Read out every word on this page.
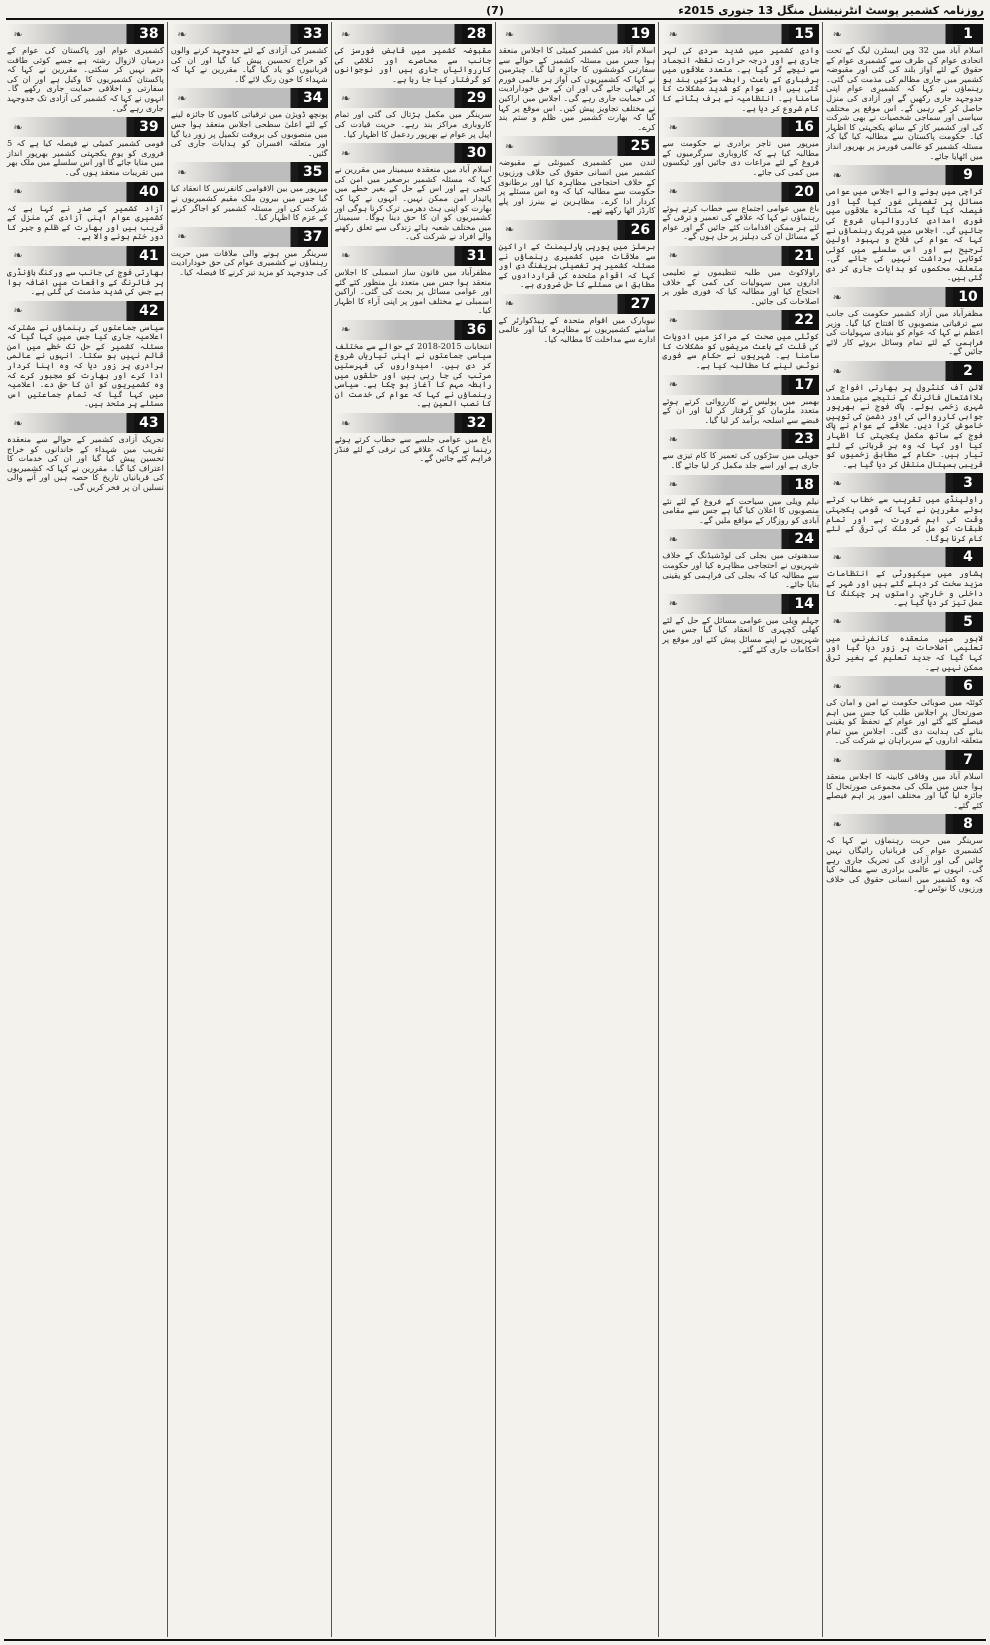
(7)	روزنامہ کشمیر پوسٹ انٹرنیشنل منگل 13 جنوری 2015ء
❧	1
اسلام آباد میں 32 ویں ایسٹرن لیگ کے تحت اتحادی عوام کی طرف سے کشمیری عوام کے حقوق کے لئے آواز بلند کی گئی اور مقبوضہ کشمیر میں جاری مظالم کی مذمت کی گئی۔ رہنماؤں نے کہا کہ کشمیری عوام اپنی جدوجہد جاری رکھیں گے اور آزادی کی منزل حاصل کر کے رہیں گے۔ اس موقع پر مختلف سیاسی اور سماجی شخصیات نے بھی شرکت کی اور کشمیر کاز کے ساتھ یکجہتی کا اظہار کیا۔ حکومت پاکستان سے مطالبہ کیا گیا کہ مسئلہ کشمیر کو عالمی فورمز پر بھرپور انداز میں اٹھایا جائے۔
❧	9
کراچی میں ہونے والے اجلاس میں عوامی مسائل پر تفصیلی غور کیا گیا اور فیصلہ کیا گیا کہ متاثرہ علاقوں میں فوری امدادی کارروائیاں شروع کی جائیں گی۔ اجلاس میں شریک رہنماؤں نے کہا کہ عوام کی فلاح و بہبود اولین ترجیح ہے اور اس سلسلے میں کوئی کوتاہی برداشت نہیں کی جائے گی۔ متعلقہ محکموں کو ہدایات جاری کر دی گئی ہیں۔
❧	10
مظفرآباد میں آزاد کشمیر حکومت کی جانب سے ترقیاتی منصوبوں کا افتتاح کیا گیا۔ وزیر اعظم نے کہا کہ عوام کو بنیادی سہولیات کی فراہمی کے لئے تمام وسائل بروئے کار لائے جائیں گے۔
❧	2
لائن آف کنٹرول پر بھارتی افواج کی بلااشتعال فائرنگ کے نتیجے میں متعدد شہری زخمی ہوئے۔ پاک فوج نے بھرپور جوابی کارروائی کی اور دشمن کی توپیں خاموش کرا دیں۔ علاقے کے عوام نے پاک فوج کے ساتھ مکمل یکجہتی کا اظہار کیا اور کہا کہ وہ ہر قربانی کے لئے تیار ہیں۔ حکام کے مطابق زخمیوں کو قریبی ہسپتال منتقل کر دیا گیا ہے۔
❧	3
راولپنڈی میں تقریب سے خطاب کرتے ہوئے مقررین نے کہا کہ قومی یکجہتی وقت کی اہم ضرورت ہے اور تمام طبقات کو مل کر ملک کی ترقی کے لئے کام کرنا ہوگا۔
❧	4
پشاور میں سیکیورٹی کے انتظامات مزید سخت کر دیئے گئے ہیں اور شہر کے داخلی و خارجی راستوں پر چیکنگ کا عمل تیز کر دیا گیا ہے۔
❧	5
لاہور میں منعقدہ کانفرنس میں تعلیمی اصلاحات پر زور دیا گیا اور کہا گیا کہ جدید تعلیم کے بغیر ترقی ممکن نہیں ہے۔
❧	6
کوئٹہ میں صوبائی حکومت نے امن و امان کی صورتحال پر اجلاس طلب کیا جس میں اہم فیصلے کئے گئے اور عوام کے تحفظ کو یقینی بنانے کی ہدایت دی گئی۔ اجلاس میں تمام متعلقہ اداروں کے سربراہان نے شرکت کی۔
❧	7
اسلام آباد میں وفاقی کابینہ کا اجلاس منعقد ہوا جس میں ملک کی مجموعی صورتحال کا جائزہ لیا گیا اور مختلف امور پر اہم فیصلے کئے گئے۔
❧	8
سرینگر میں حریت رہنماؤں نے کہا کہ کشمیری عوام کی قربانیاں رائیگاں نہیں جائیں گی اور آزادی کی تحریک جاری رہے گی۔ انہوں نے عالمی برادری سے مطالبہ کیا کہ وہ کشمیر میں انسانی حقوق کی خلاف ورزیوں کا نوٹس لے۔
❧	15
وادی کشمیر میں شدید سردی کی لہر جاری ہے اور درجہ حرارت نقطہ انجماد سے نیچے گر گیا ہے۔ متعدد علاقوں میں برفباری کے باعث رابطہ سڑکیں بند ہو گئی ہیں اور عوام کو شدید مشکلات کا سامنا ہے۔ انتظامیہ نے برف ہٹانے کا کام شروع کر دیا ہے۔
❧	16
میرپور میں تاجر برادری نے حکومت سے مطالبہ کیا ہے کہ کاروباری سرگرمیوں کے فروغ کے لئے مراعات دی جائیں اور ٹیکسوں میں کمی کی جائے۔
❧	20
باغ میں عوامی اجتماع سے خطاب کرتے ہوئے رہنماؤں نے کہا کہ علاقے کی تعمیر و ترقی کے لئے ہر ممکن اقدامات کئے جائیں گے اور عوام کے مسائل ان کی دہلیز پر حل ہوں گے۔
❧	21
راولاکوٹ میں طلبہ تنظیموں نے تعلیمی اداروں میں سہولیات کی کمی کے خلاف احتجاج کیا اور مطالبہ کیا کہ فوری طور پر اصلاحات کی جائیں۔
❧	22
کوٹلی میں صحت کے مراکز میں ادویات کی قلت کے باعث مریضوں کو مشکلات کا سامنا ہے۔ شہریوں نے حکام سے فوری نوٹس لینے کا مطالبہ کیا ہے۔
❧	17
بھمبر میں پولیس نے کارروائی کرتے ہوئے متعدد ملزمان کو گرفتار کر لیا اور ان کے قبضے سے اسلحہ برآمد کر لیا گیا۔
❧	23
حویلی میں سڑکوں کی تعمیر کا کام تیزی سے جاری ہے اور اسے جلد مکمل کر لیا جائے گا۔
❧	18
نیلم ویلی میں سیاحت کے فروغ کے لئے نئے منصوبوں کا اعلان کیا گیا ہے جس سے مقامی آبادی کو روزگار کے مواقع ملیں گے۔
❧	24
سدھنوتی میں بجلی کی لوڈشیڈنگ کے خلاف شہریوں نے احتجاجی مظاہرہ کیا اور حکومت سے مطالبہ کیا کہ بجلی کی فراہمی کو یقینی بنایا جائے۔
❧	14
جہلم ویلی میں عوامی مسائل کے حل کے لئے کھلی کچہری کا انعقاد کیا گیا جس میں شہریوں نے اپنے مسائل پیش کئے اور موقع پر احکامات جاری کئے گئے۔
❧	19
اسلام آباد میں کشمیر کمیٹی کا اجلاس منعقد ہوا جس میں مسئلہ کشمیر کے حوالے سے سفارتی کوششوں کا جائزہ لیا گیا۔ چیئرمین نے کہا کہ کشمیریوں کی آواز ہر عالمی فورم پر اٹھائی جائے گی اور ان کے حق خودارادیت کی حمایت جاری رہے گی۔ اجلاس میں اراکین نے مختلف تجاویز پیش کیں۔ اس موقع پر کہا گیا کہ بھارت کشمیر میں ظلم و ستم بند کرے۔
❧	25
لندن میں کشمیری کمیونٹی نے مقبوضہ کشمیر میں انسانی حقوق کی خلاف ورزیوں کے خلاف احتجاجی مظاہرہ کیا اور برطانوی حکومت سے مطالبہ کیا کہ وہ اس مسئلے پر کردار ادا کرے۔ مظاہرین نے بینرز اور پلے کارڈز اٹھا رکھے تھے۔
❧	26
برسلز میں یورپی پارلیمنٹ کے اراکین سے ملاقات میں کشمیری رہنماؤں نے مسئلہ کشمیر پر تفصیلی بریفنگ دی اور کہا کہ اقوام متحدہ کی قراردادوں کے مطابق اس مسئلے کا حل ضروری ہے۔
❧	27
نیویارک میں اقوام متحدہ کے ہیڈکوارٹر کے سامنے کشمیریوں نے مظاہرہ کیا اور عالمی ادارے سے مداخلت کا مطالبہ کیا۔
❧	28
مقبوضہ کشمیر میں قابض فورسز کی جانب سے محاصرے اور تلاشی کی کارروائیاں جاری ہیں اور نوجوانوں کو گرفتار کیا جا رہا ہے۔
❧	29
سرینگر میں مکمل ہڑتال کی گئی اور تمام کاروباری مراکز بند رہے۔ حریت قیادت کی اپیل پر عوام نے بھرپور ردعمل کا اظہار کیا۔
❧	30
اسلام آباد میں منعقدہ سیمینار میں مقررین نے کہا کہ مسئلہ کشمیر برصغیر میں امن کی کنجی ہے اور اس کے حل کے بغیر خطے میں پائیدار امن ممکن نہیں۔ انہوں نے کہا کہ بھارت کو اپنی ہٹ دھرمی ترک کرنا ہوگی اور کشمیریوں کو ان کا حق دینا ہوگا۔ سیمینار میں مختلف شعبہ ہائے زندگی سے تعلق رکھنے والے افراد نے شرکت کی۔
❧	31
مظفرآباد میں قانون ساز اسمبلی کا اجلاس منعقد ہوا جس میں متعدد بل منظور کئے گئے اور عوامی مسائل پر بحث کی گئی۔ اراکین اسمبلی نے مختلف امور پر اپنی آراء کا اظہار کیا۔
❧	36
انتخابات 2015-2018 کے حوالے سے مختلف سیاسی جماعتوں نے اپنی تیاریاں شروع کر دی ہیں۔ امیدواروں کی فہرستیں مرتب کی جا رہی ہیں اور حلقوں میں رابطہ مہم کا آغاز ہو چکا ہے۔ سیاسی رہنماؤں نے کہا کہ عوام کی خدمت ان کا نصب العین ہے۔
❧	32
باغ میں عوامی جلسے سے خطاب کرتے ہوئے رہنما نے کہا کہ علاقے کی ترقی کے لئے فنڈز فراہم کئے جائیں گے۔
❧	33
کشمیر کی آزادی کے لئے جدوجہد کرنے والوں کو خراج تحسین پیش کیا گیا اور ان کی قربانیوں کو یاد کیا گیا۔ مقررین نے کہا کہ شہداء کا خون رنگ لائے گا۔
❧	34
پونچھ ڈویژن میں ترقیاتی کاموں کا جائزہ لینے کے لئے اعلیٰ سطحی اجلاس منعقد ہوا جس میں منصوبوں کی بروقت تکمیل پر زور دیا گیا اور متعلقہ افسران کو ہدایات جاری کی گئیں۔
❧	35
میرپور میں بین الاقوامی کانفرنس کا انعقاد کیا گیا جس میں بیرون ملک مقیم کشمیریوں نے شرکت کی اور مسئلہ کشمیر کو اجاگر کرنے کے عزم کا اظہار کیا۔
❧	37
سرینگر میں ہونے والی ملاقات میں حریت رہنماؤں نے کشمیری عوام کی حق خودارادیت کی جدوجہد کو مزید تیز کرنے کا فیصلہ کیا۔
❧	38
کشمیری عوام اور پاکستان کی عوام کے درمیان لازوال رشتہ ہے جسے کوئی طاقت ختم نہیں کر سکتی۔ مقررین نے کہا کہ پاکستان کشمیریوں کا وکیل ہے اور ان کی سفارتی و اخلاقی حمایت جاری رکھے گا۔ انہوں نے کہا کہ کشمیر کی آزادی تک جدوجہد جاری رہے گی۔
❧	39
قومی کشمیر کمیٹی نے فیصلہ کیا ہے کہ 5 فروری کو یوم یکجہتی کشمیر بھرپور انداز میں منایا جائے گا اور اس سلسلے میں ملک بھر میں تقریبات منعقد ہوں گی۔
❧	40
آزاد کشمیر کے صدر نے کہا ہے کہ کشمیری عوام اپنی آزادی کی منزل کے قریب ہیں اور بھارت کے ظلم و جبر کا دور ختم ہونے والا ہے۔
❧	41
بھارتی فوج کی جانب سے ورکنگ باؤنڈری پر فائرنگ کے واقعات میں اضافہ ہوا ہے جس کی شدید مذمت کی گئی ہے۔
❧	42
سیاسی جماعتوں کے رہنماؤں نے مشترکہ اعلامیہ جاری کیا جس میں کہا گیا کہ مسئلہ کشمیر کے حل تک خطے میں امن قائم نہیں ہو سکتا۔ انہوں نے عالمی برادری پر زور دیا کہ وہ اپنا کردار ادا کرے اور بھارت کو مجبور کرے کہ وہ کشمیریوں کو ان کا حق دے۔ اعلامیہ میں کہا گیا کہ تمام جماعتیں اس مسئلے پر متحد ہیں۔
❧	43
تحریک آزادی کشمیر کے حوالے سے منعقدہ تقریب میں شہداء کے خاندانوں کو خراج تحسین پیش کیا گیا اور ان کی خدمات کا اعتراف کیا گیا۔ مقررین نے کہا کہ کشمیریوں کی قربانیاں تاریخ کا حصہ ہیں اور آنے والی نسلیں ان پر فخر کریں گی۔
